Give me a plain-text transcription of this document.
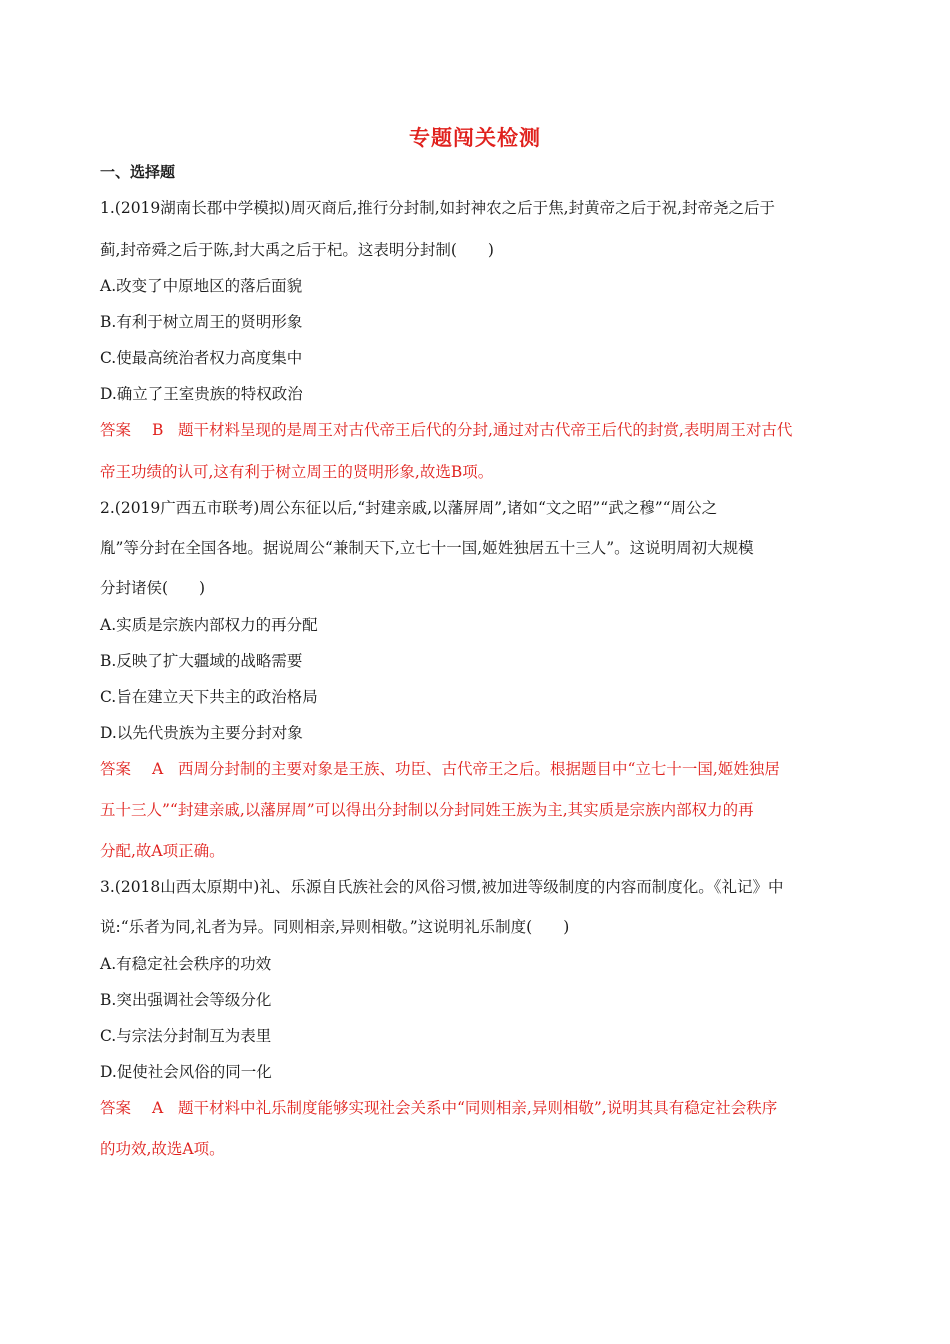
专题闯关检测
一、选择题
1.(2019湖南长郡中学模拟)周灭商后,推行分封制,如封神农之后于焦,封黄帝之后于祝,封帝尧之后于
蓟,封帝舜之后于陈,封大禹之后于杞。这表明分封制(　　)
A.改变了中原地区的落后面貌
B.有利于树立周王的贤明形象
C.使最高统治者权力高度集中
D.确立了王室贵族的特权政治
答案 B 题干材料呈现的是周王对古代帝王后代的分封,通过对古代帝王后代的封赏,表明周王对古代
帝王功绩的认可,这有利于树立周王的贤明形象,故选B项。
2.(2019广西五市联考)周公东征以后,“封建亲戚,以藩屏周”,诸如“文之昭”“武之穆”“周公之
胤”等分封在全国各地。据说周公“兼制天下,立七十一国,姬姓独居五十三人”。这说明周初大规模
分封诸侯(　　)
A.实质是宗族内部权力的再分配
B.反映了扩大疆域的战略需要
C.旨在建立天下共主的政治格局
D.以先代贵族为主要分封对象
答案 A 西周分封制的主要对象是王族、功臣、古代帝王之后。根据题目中“立七十一国,姬姓独居
五十三人”“封建亲戚,以藩屏周”可以得出分封制以分封同姓王族为主,其实质是宗族内部权力的再
分配,故A项正确。
3.(2018山西太原期中)礼、乐源自氏族社会的风俗习惯,被加进等级制度的内容而制度化。《礼记》中
说:“乐者为同,礼者为异。同则相亲,异则相敬。”这说明礼乐制度(　　)
A.有稳定社会秩序的功效
B.突出强调社会等级分化
C.与宗法分封制互为表里
D.促使社会风俗的同一化
答案 A 题干材料中礼乐制度能够实现社会关系中“同则相亲,异则相敬”,说明其具有稳定社会秩序
的功效,故选A项。
